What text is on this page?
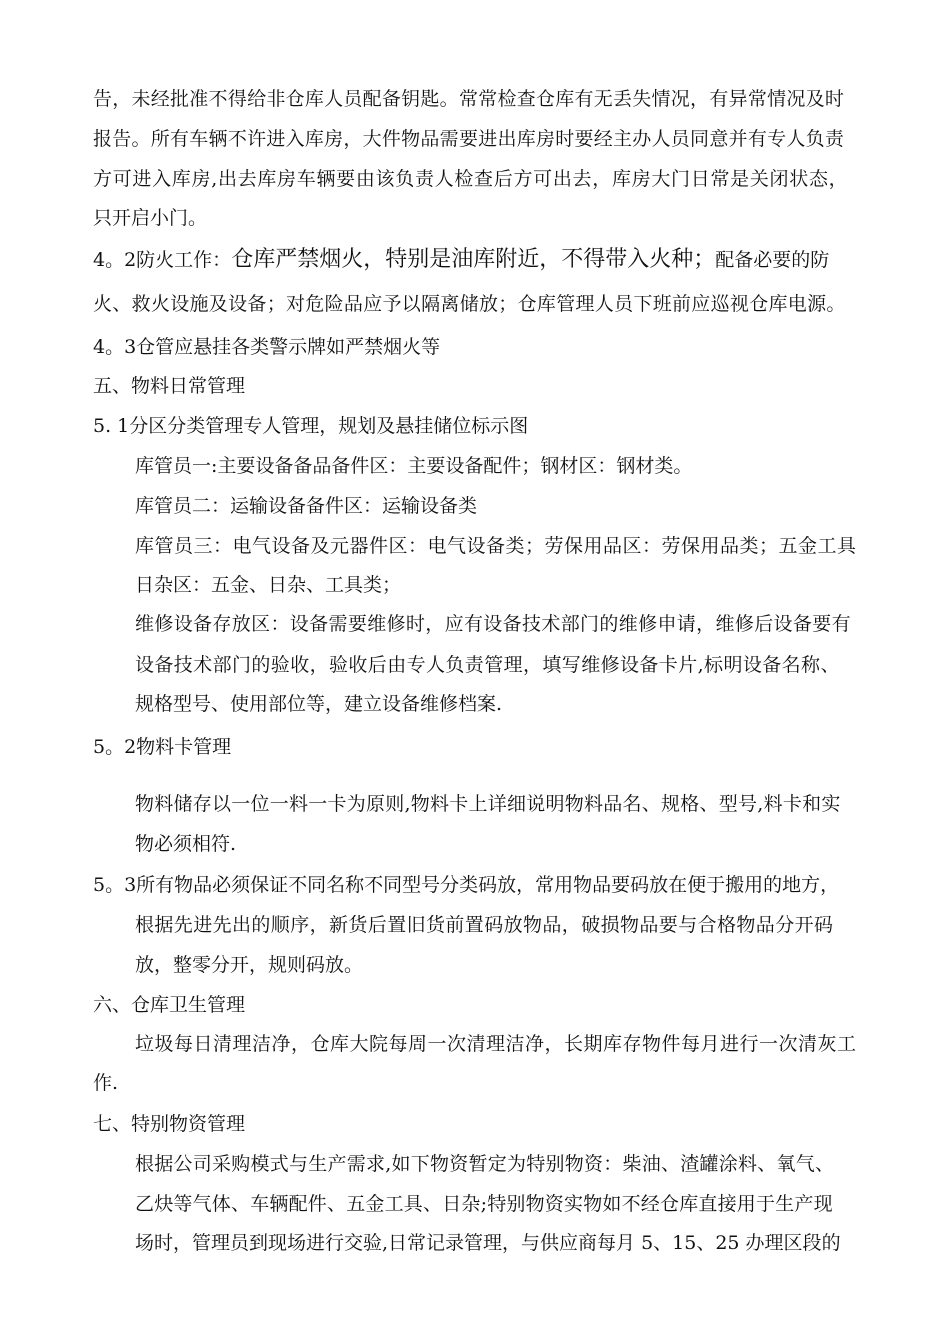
告，未经批准不得给非仓库人员配备钥匙。常常检查仓库有无丢失情况，有异常情况及时

报告。所有车辆不许进入库房，大件物品需要进出库房时要经主办人员同意并有专人负责

方可进入库房,出去库房车辆要由该负责人检查后方可出去，库房大门日常是关闭状态，

只开启小门。

4。2防火工作：仓库严禁烟火，特别是油库附近，不得带入火种；配备必要的防

火、救火设施及设备；对危险品应予以隔离储放；仓库管理人员下班前应巡视仓库电源。

4。3仓管应悬挂各类警示牌如严禁烟火等

五、物料日常管理

5. 1分区分类管理专人管理，规划及悬挂储位标示图

库管员一:主要设备备品备件区：主要设备配件；钢材区：钢材类。

库管员二：运输设备备件区：运输设备类

库管员三：电气设备及元器件区：电气设备类；劳保用品区：劳保用品类；五金工具

日杂区：五金、日杂、工具类；

维修设备存放区：设备需要维修时，应有设备技术部门的维修申请，维修后设备要有

设备技术部门的验收，验收后由专人负责管理，填写维修设备卡片,标明设备名称、

规格型号、使用部位等，建立设备维修档案.

5。2物料卡管理

物料储存以一位一料一卡为原则,物料卡上详细说明物料品名、规格、型号,料卡和实

物必须相符.

5。3所有物品必须保证不同名称不同型号分类码放，常用物品要码放在便于搬用的地方，

根据先进先出的顺序，新货后置旧货前置码放物品，破损物品要与合格物品分开码

放，整零分开，规则码放。

六、仓库卫生管理

垃圾每日清理洁净，仓库大院每周一次清理洁净，长期库存物件每月进行一次清灰工

作.

七、特别物资管理

根据公司采购模式与生产需求,如下物资暂定为特别物资：柴油、渣罐涂料、氧气、

乙炔等气体、车辆配件、五金工具、日杂;特别物资实物如不经仓库直接用于生产现

场时，管理员到现场进行交验,日常记录管理，与供应商每月 5、15、25 办理区段的
